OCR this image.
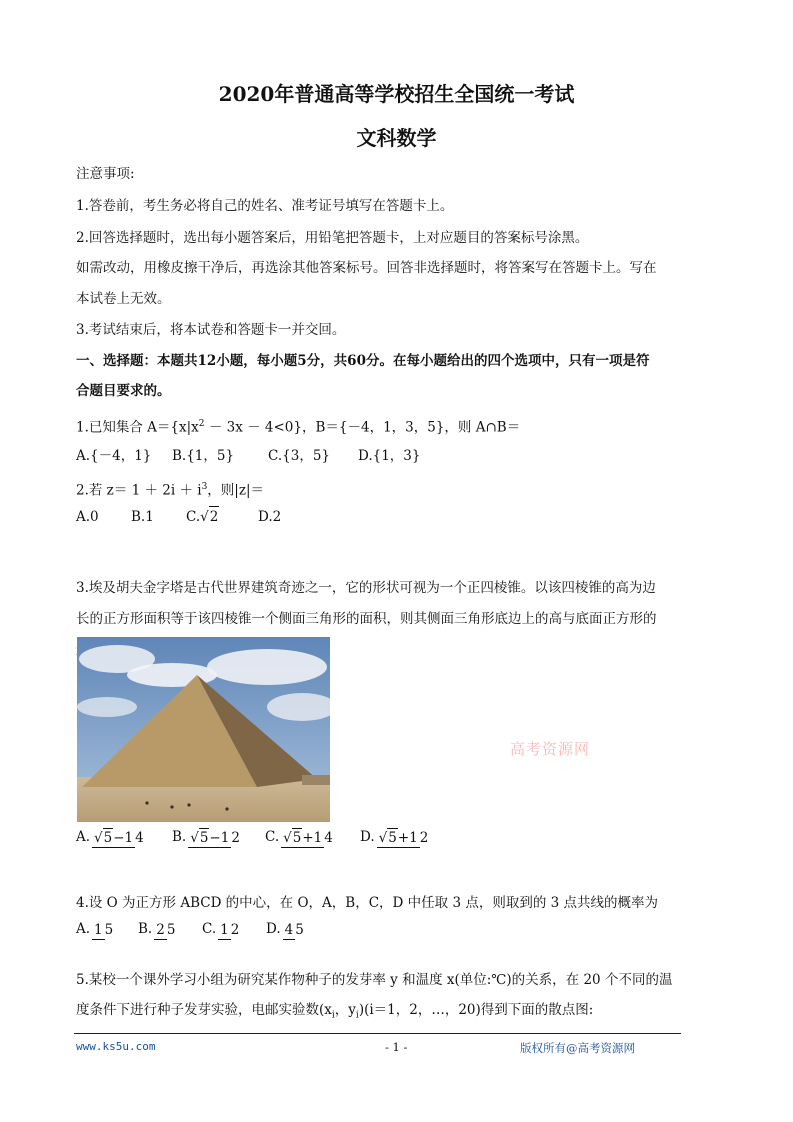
2020年普通高等学校招生全国统一考试
文科数学
注意事项:
1.答卷前，考生务必将自己的姓名、准考证号填写在答题卡上。
2.回答选择题时，选出每小题答案后，用铅笔把答题卡，上对应题目的答案标号涂黑。
如需改动，用橡皮擦干净后，再选涂其他答案标号。回答非选择题时，将答案写在答题卡上。写在
本试卷上无效。
3.考试结束后，将本试卷和答题卡一并交回。
一、选择题：本题共12小题，每小题5分，共60分。在每小题给出的四个选项中，只有一项是符
合题目要求的。
1.已知集合 $A=\{x|x^2 - 3x - 4<0\}$，B＝{－4，1，3，5}，则 A∩B＝
A.{－4，1} B.{1，5}	C.{3，5} D.{1，3}
2.若 $z= 1 + 2i + i^3$，则|z|＝
A.0 B.1 C.√2	D.2
3.埃及胡夫金字塔是古代世界建筑奇迹之一，它的形状可视为一个正四棱锥。以该四棱锥的高为边
长的正方形面积等于该四棱锥一个侧面三角形的面积，则其侧面三角形底边上的高与底面正方形的
高考资源网
A. √5−1 4 B. √5−1 2 C. √5+1 4 D. √5+1 2
4.设 O 为正方形 ABCD 的中心，在 O，A，B，C，D 中任取 3 点，则取到的 3 点共线的概率为
A. 1 5 B. 2 5 C. 1 2 D. 4 5
5.某校一个课外学习小组为研究某作物种子的发芽率 y 和温度 x(单位:℃)的关系，在 20 个不同的温
度条件下进行种子发芽实验，电邮实验数($x_i$，$y_i)(i=1$，2，…，20)得到下面的散点图:
www.ks5u.com	- 1 -	版权所有@高考资源网
